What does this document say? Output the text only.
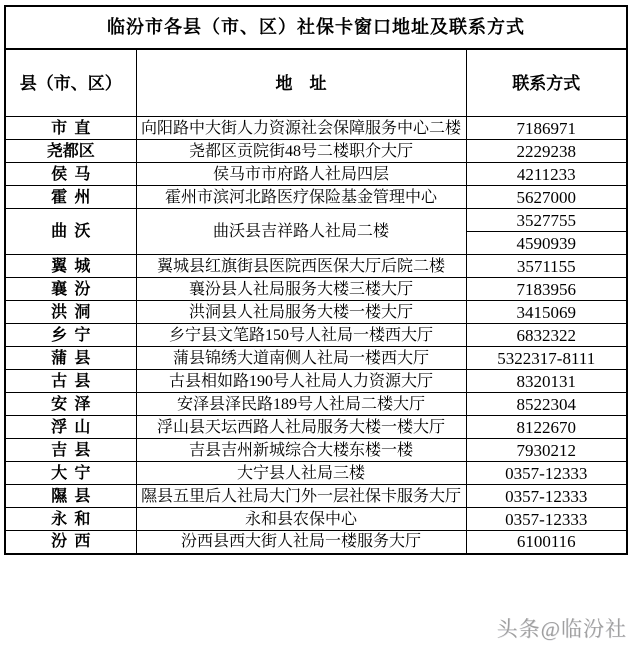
临汾市各县（市、区）社保卡窗口地址及联系方式		
县（市、区）	地　址	联系方式
市直	向阳路中大街人力资源社会保障服务中心二楼	7186971
尧都区	尧都区贡院街48号二楼职介大厅	2229238
侯马	侯马市市府路人社局四层	4211233
霍州	霍州市滨河北路医疗保险基金管理中心	5627000
曲沃	曲沃县吉祥路人社局二楼	3527755
		4590939
翼城	翼城县红旗街县医院西医保大厅后院二楼	3571155
襄汾	襄汾县人社局服务大楼三楼大厅	7183956
洪洞	洪洞县人社局服务大楼一楼大厅	3415069
乡宁	乡宁县文笔路150号人社局一楼西大厅	6832322
蒲县	蒲县锦绣大道南侧人社局一楼西大厅	5322317-8111
古县	古县相如路190号人社局人力资源大厅	8320131
安泽	安泽县泽民路189号人社局二楼大厅	8522304
浮山	浮山县天坛西路人社局服务大楼一楼大厅	8122670
吉县	吉县吉州新城综合大楼东楼一楼	7930212
大宁	大宁县人社局三楼	0357-12333
隰县	隰县五里后人社局大门外一层社保卡服务大厅	0357-12333
永和	永和县农保中心	0357-12333
汾西	汾西县西大街人社局一楼服务大厅	6100116
头条@临汾社
